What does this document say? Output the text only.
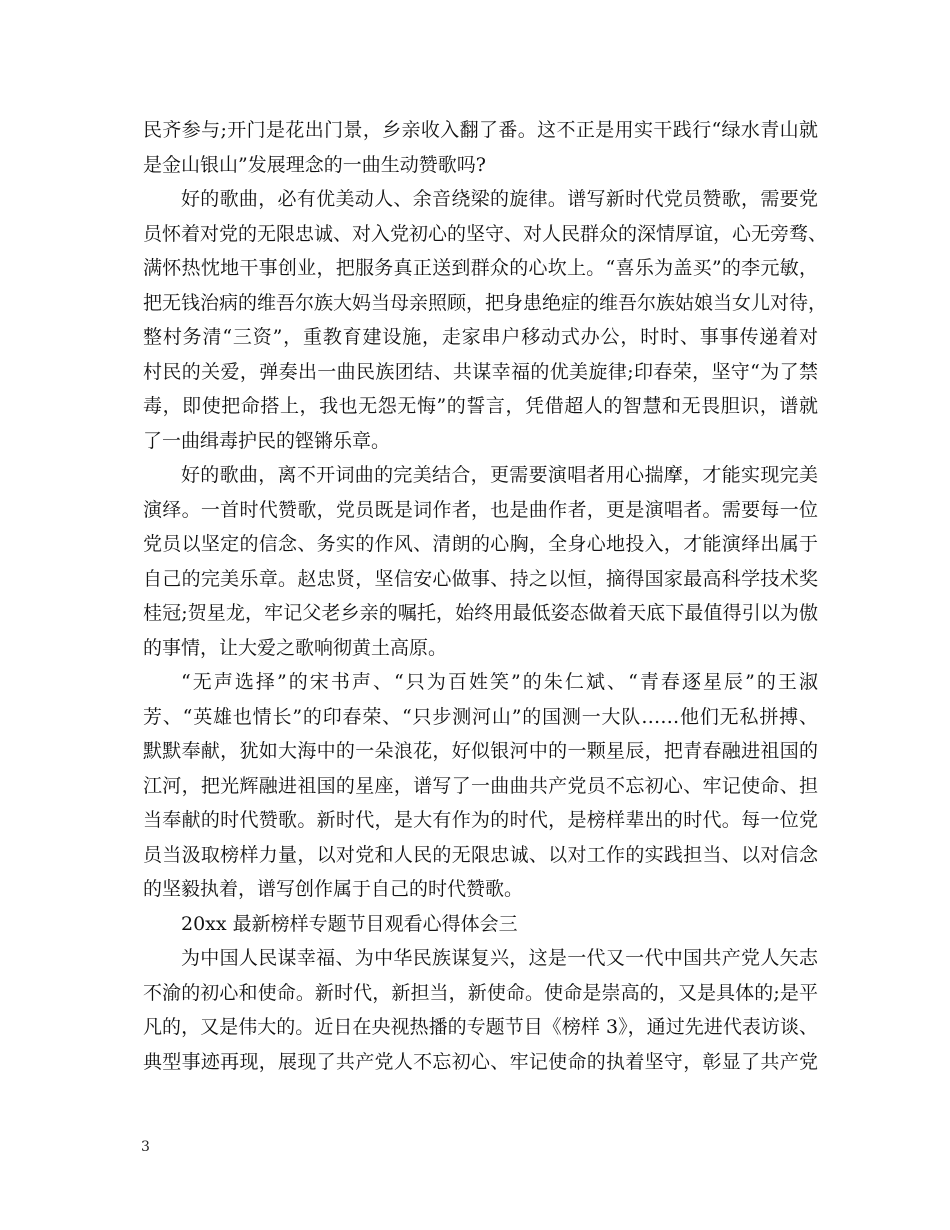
民齐参与;开门是花出门景，乡亲收入翻了番。这不正是用实干践行“绿水青山就
是金山银山”发展理念的一曲生动赞歌吗?
好的歌曲，必有优美动人、余音绕梁的旋律。谱写新时代党员赞歌，需要党
员怀着对党的无限忠诚、对入党初心的坚守、对人民群众的深情厚谊，心无旁骛、
满怀热忱地干事创业，把服务真正送到群众的心坎上。“喜乐为盖买”的李元敏，
把无钱治病的维吾尔族大妈当母亲照顾，把身患绝症的维吾尔族姑娘当女儿对待，
整村务清“三资”，重教育建设施，走家串户移动式办公，时时、事事传递着对
村民的关爱，弹奏出一曲民族团结、共谋幸福的优美旋律;印春荣，坚守“为了禁
毒，即使把命搭上，我也无怨无悔”的誓言，凭借超人的智慧和无畏胆识，谱就
了一曲缉毒护民的铿锵乐章。
好的歌曲，离不开词曲的完美结合，更需要演唱者用心揣摩，才能实现完美
演绎。一首时代赞歌，党员既是词作者，也是曲作者，更是演唱者。需要每一位
党员以坚定的信念、务实的作风、清朗的心胸，全身心地投入，才能演绎出属于
自己的完美乐章。赵忠贤，坚信安心做事、持之以恒，摘得国家最高科学技术奖
桂冠;贺星龙，牢记父老乡亲的嘱托，始终用最低姿态做着天底下最值得引以为傲
的事情，让大爱之歌响彻黄土高原。
“无声选择”的宋书声、“只为百姓笑”的朱仁斌、“青春逐星辰”的王淑
芳、“英雄也情长”的印春荣、“只步测河山”的国测一大队……他们无私拼搏、
默默奉献，犹如大海中的一朵浪花，好似银河中的一颗星辰，把青春融进祖国的
江河，把光辉融进祖国的星座，谱写了一曲曲共产党员不忘初心、牢记使命、担
当奉献的时代赞歌。新时代，是大有作为的时代，是榜样辈出的时代。每一位党
员当汲取榜样力量，以对党和人民的无限忠诚、以对工作的实践担当、以对信念
的坚毅执着，谱写创作属于自己的时代赞歌。
20xx 最新榜样专题节目观看心得体会三
为中国人民谋幸福、为中华民族谋复兴，这是一代又一代中国共产党人矢志
不渝的初心和使命。新时代，新担当，新使命。使命是崇高的，又是具体的;是平
凡的，又是伟大的。近日在央视热播的专题节目《榜样 3》，通过先进代表访谈、
典型事迹再现，展现了共产党人不忘初心、牢记使命的执着坚守，彰显了共产党
3
